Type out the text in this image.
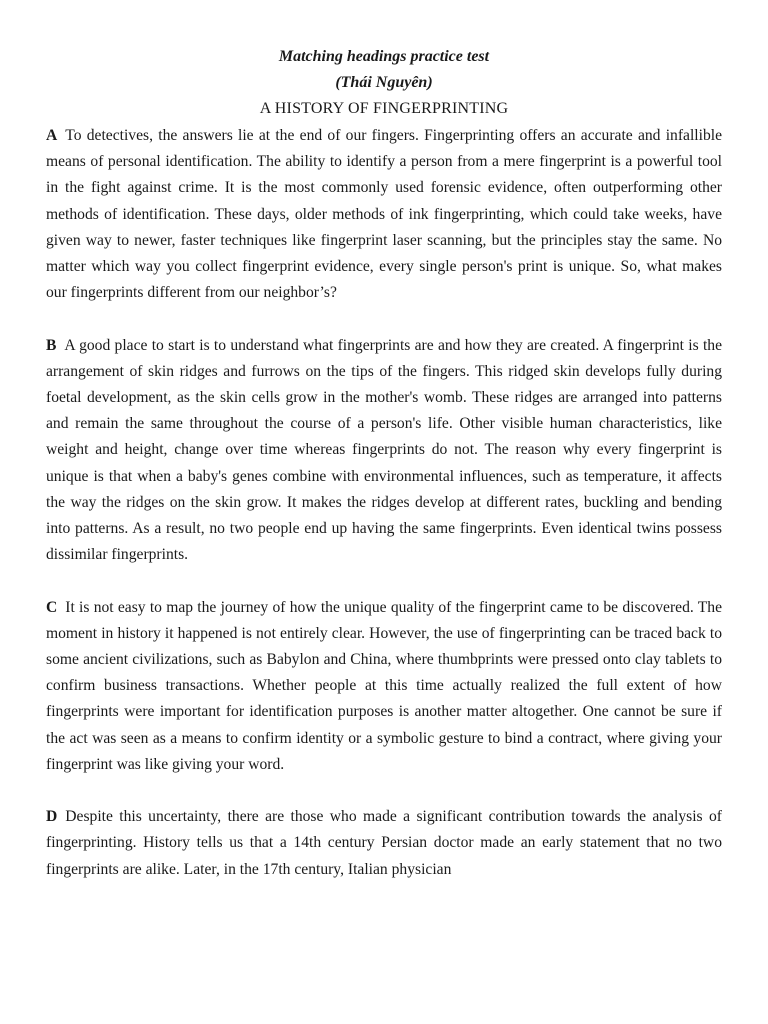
Matching headings practice test
(Thái Nguyên)
A HISTORY OF FINGERPRINTING

A To detectives, the answers lie at the end of our fingers. Fingerprinting offers an accurate and infallible means of personal identification. The ability to identify a person from a mere fingerprint is a powerful tool in the fight against crime. It is the most commonly used forensic evidence, often outperforming other methods of identification. These days, older methods of ink fingerprinting, which could take weeks, have given way to newer, faster techniques like fingerprint laser scanning, but the principles stay the same. No matter which way you collect fingerprint evidence, every single person's print is unique. So, what makes our fingerprints different from our neighbor’s?

B A good place to start is to understand what fingerprints are and how they are created. A fingerprint is the arrangement of skin ridges and furrows on the tips of the fingers. This ridged skin develops fully during foetal development, as the skin cells grow in the mother's womb. These ridges are arranged into patterns and remain the same throughout the course of a person's life. Other visible human characteristics, like weight and height, change over time whereas fingerprints do not. The reason why every fingerprint is unique is that when a baby's genes combine with environmental influences, such as temperature, it affects the way the ridges on the skin grow. It makes the ridges develop at different rates, buckling and bending into patterns. As a result, no two people end up having the same fingerprints. Even identical twins possess dissimilar fingerprints.

C It is not easy to map the journey of how the unique quality of the fingerprint came to be discovered. The moment in history it happened is not entirely clear. However, the use of fingerprinting can be traced back to some ancient civilizations, such as Babylon and China, where thumbprints were pressed onto clay tablets to confirm business transactions. Whether people at this time actually realized the full extent of how fingerprints were important for identification purposes is another matter altogether. One cannot be sure if the act was seen as a means to confirm identity or a symbolic gesture to bind a contract, where giving your fingerprint was like giving your word.

D Despite this uncertainty, there are those who made a significant contribution towards the analysis of fingerprinting. History tells us that a 14th century Persian doctor made an early statement that no two fingerprints are alike. Later, in the 17th century, Italian physician
